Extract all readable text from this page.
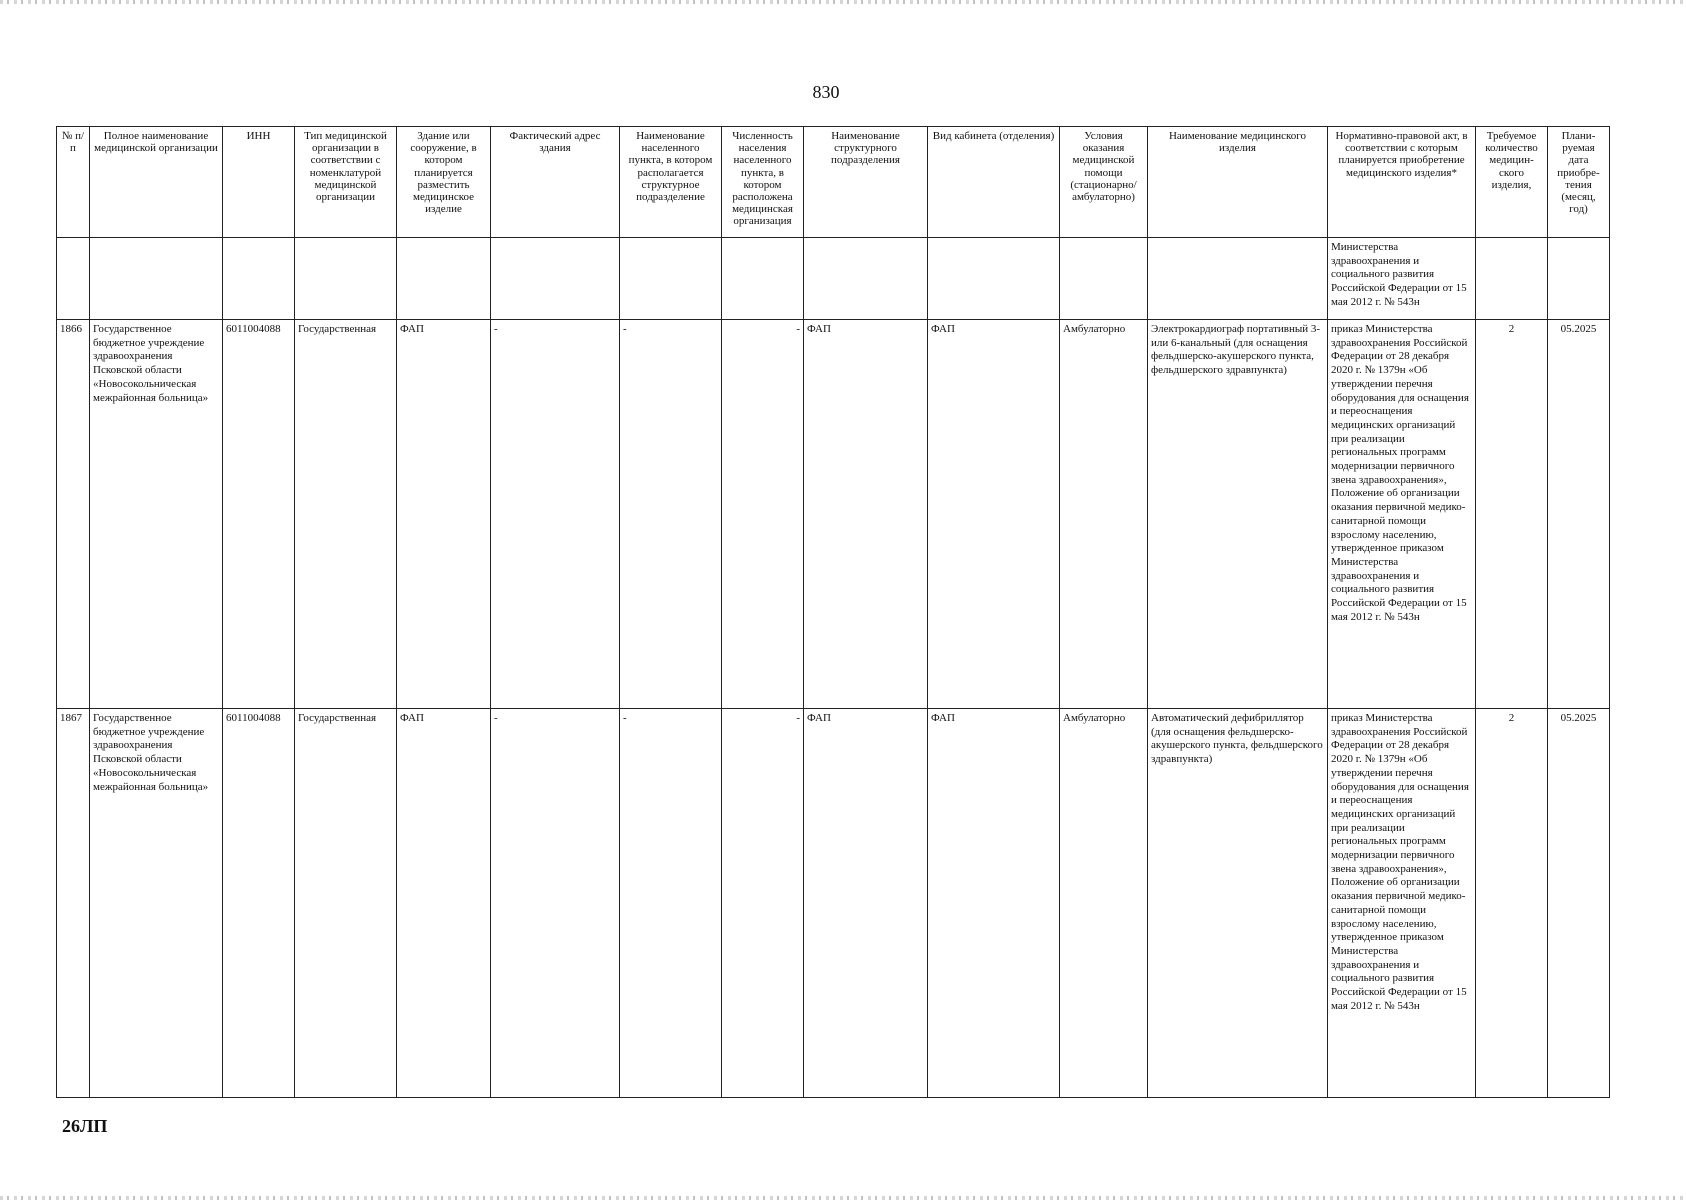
830
№ п/п	Полное наименование медицинской организации	ИНН	Тип медицинской организации в соответствии с номенклатурой медицинской организации	Здание или сооружение, в котором планируется разместить медицинское изделие	Фактический адрес здания	Наименование населенного пункта, в котором располагается структурное подразделение	Численность населения населенного пункта, в котором расположена медицинская организация	Наименование структурного подразделения	Вид кабинета (отделения)	Условия оказания медицинской помощи (стационарно/ амбулаторно)	Наименование медицинского изделия	Нормативно-правовой акт, в соответствии с которым планируется приобретение медицинского изделия*	Требуемое количество медицин-ского изделия,	Плани-руемая дата приобре-тения (месяц, год)
												Министерства здравоохранения и социального развития Российской Федерации от 15 мая 2012 г. № 543н		
1866	Государственное бюджетное учреждение здравоохранения Псковской области «Новосокольническая межрайонная больница»	6011004088	Государственная	ФАП	-	-	-	ФАП	ФАП	Амбулаторно	Электрокардиограф портативный 3- или 6-канальный (для оснащения фельдшерско-акушерского пункта, фельдшерского здравпункта)	приказ Министерства здравоохранения Российской Федерации от 28 декабря 2020 г. № 1379н «Об утверждении перечня оборудования для оснащения и переоснащения медицинских организаций при реализации региональных программ модернизации первичного звена здравоохранения», Положение об организации оказания первичной медико-санитарной помощи взрослому населению, утвержденное приказом Министерства здравоохранения и социального развития Российской Федерации от 15 мая 2012 г. № 543н	2	05.2025
1867	Государственное бюджетное учреждение здравоохранения Псковской области «Новосокольническая межрайонная больница»	6011004088	Государственная	ФАП	-	-	-	ФАП	ФАП	Амбулаторно	Автоматический дефибриллятор (для оснащения фельдшерско-акушерского пункта, фельдшерского здравпункта)	приказ Министерства здравоохранения Российской Федерации от 28 декабря 2020 г. № 1379н «Об утверждении перечня оборудования для оснащения и переоснащения медицинских организаций при реализации региональных программ модернизации первичного звена здравоохранения», Положение об организации оказания первичной медико-санитарной помощи взрослому населению, утвержденное приказом Министерства здравоохранения и социального развития Российской Федерации от 15 мая 2012 г. № 543н	2	05.2025
26ЛП
